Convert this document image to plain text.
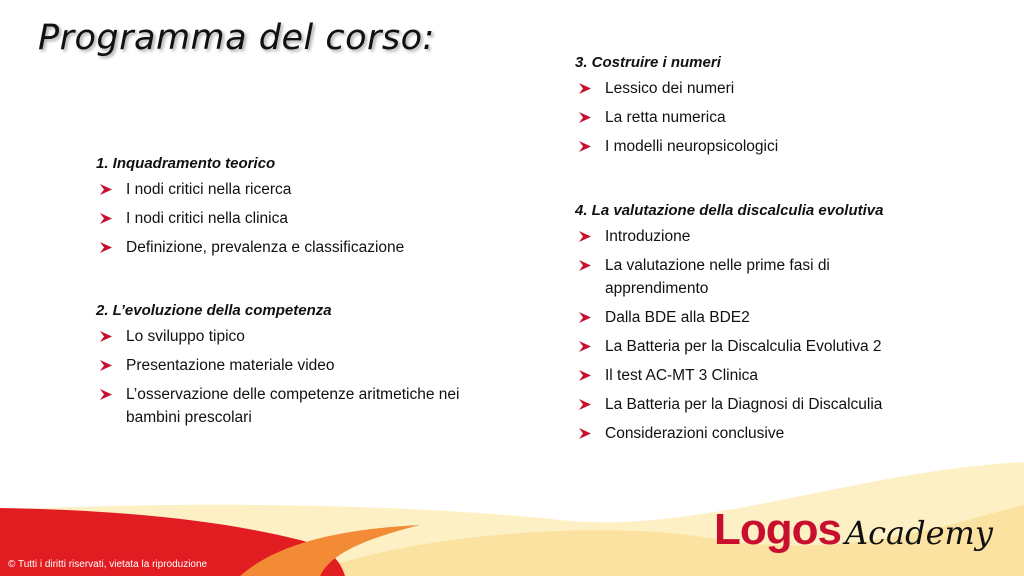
Programma del corso:

1. Inquadramento teorico

I nodi critici nella ricerca
I nodi critici nella clinica
Definizione, prevalenza e classificazione

2. L’evoluzione della competenza

Lo sviluppo tipico
Presentazione materiale video
L’osservazione delle competenze aritmetiche nei bambini prescolari

3. Costruire i numeri

Lessico dei numeri
La retta numerica
I modelli neuropsicologici

4. La valutazione della discalculia evolutiva

Introduzione
La valutazione nelle prime fasi di apprendimento
Dalla BDE alla BDE2
La Batteria per la Discalculia Evolutiva 2
Il test AC-MT 3 Clinica
La Batteria per la Diagnosi di Discalculia
Considerazioni conclusive
© Tutti i diritti riservati, vietata la riproduzione
Logos Academy
